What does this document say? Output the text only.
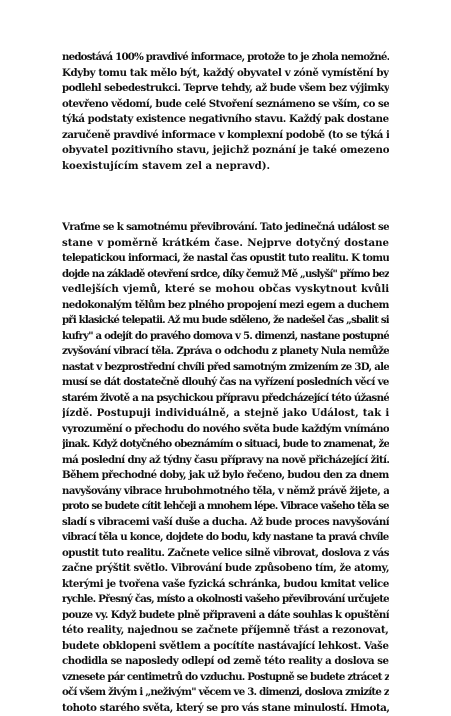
nedostává 100% pravdivé informace, protože to je zhola nemožné.
Kdyby tomu tak mělo být, každý obyvatel v zóně vymístění by
podlehl sebedestrukci. Teprve tehdy, až bude všem bez výjimky
otevřeno vědomí, bude celé Stvoření seznámeno se vším, co se
týká podstaty existence negativního stavu. Každý pak dostane
zaručeně pravdivé informace v komplexní podobě (to se týká i
obyvatel pozitivního stavu, jejichž poznání je také omezeno
koexistujícím stavem zel a nepravd).
Vraťme se k samotnému převibrování. Tato jedinečná událost se
stane v poměrně krátkém čase. Nejprve dotyčný dostane
telepatickou informaci, že nastal čas opustit tuto realitu. K tomu
dojde na základě otevření srdce, díky čemuž Mě „uslyší" přímo bez
vedlejších vjemů, které se mohou občas vyskytnout kvůli
nedokonalým tělům bez plného propojení mezi egem a duchem
při klasické telepatii. Až mu bude sděleno, že nadešel čas „sbalit si
kufry" a odejít do pravého domova v 5. dimenzi, nastane postupné
zvyšování vibrací těla. Zpráva o odchodu z planety Nula nemůže
nastat v bezprostřední chvíli před samotným zmizením ze 3D, ale
musí se dát dostatečně dlouhý čas na vyřízení posledních věcí ve
starém životě a na psychickou přípravu předcházející této úžasné
jízdě. Postupuji individuálně, a stejně jako Událost, tak i
vyrozumění o přechodu do nového světa bude každým vnímáno
jinak. Když dotyčného obeznámím o situaci, bude to znamenat, že
má poslední dny až týdny času přípravy na nově přicházející žití.
Během přechodné doby, jak už bylo řečeno, budou den za dnem
navyšovány vibrace hrubohmotného těla, v němž právě žijete, a
proto se budete cítit lehčeji a mnohem lépe. Vibrace vašeho těla se
sladí s vibracemi vaší duše a ducha. Až bude proces navyšování
vibrací těla u konce, dojdete do bodu, kdy nastane ta pravá chvíle
opustit tuto realitu. Začnete velice silně vibrovat, doslova z vás
začne prýštit světlo. Vibrování bude způsobeno tím, že atomy,
kterými je tvořena vaše fyzická schránka, budou kmitat velice
rychle. Přesný čas, místo a okolnosti vašeho převibrování určujete
pouze vy. Když budete plně připraveni a dáte souhlas k opuštění
této reality, najednou se začnete příjemně třást a rezonovat,
budete obklopeni světlem a pocítíte nastávající lehkost. Vaše
chodidla se naposledy odlepí od země této reality a doslova se
vznesete pár centimetrů do vzduchu. Postupně se budete ztrácet z
očí všem živým i „neživým" věcem ve 3. dimenzi, doslova zmizíte z
tohoto starého světa, který se pro vás stane minulostí. Hmota,
